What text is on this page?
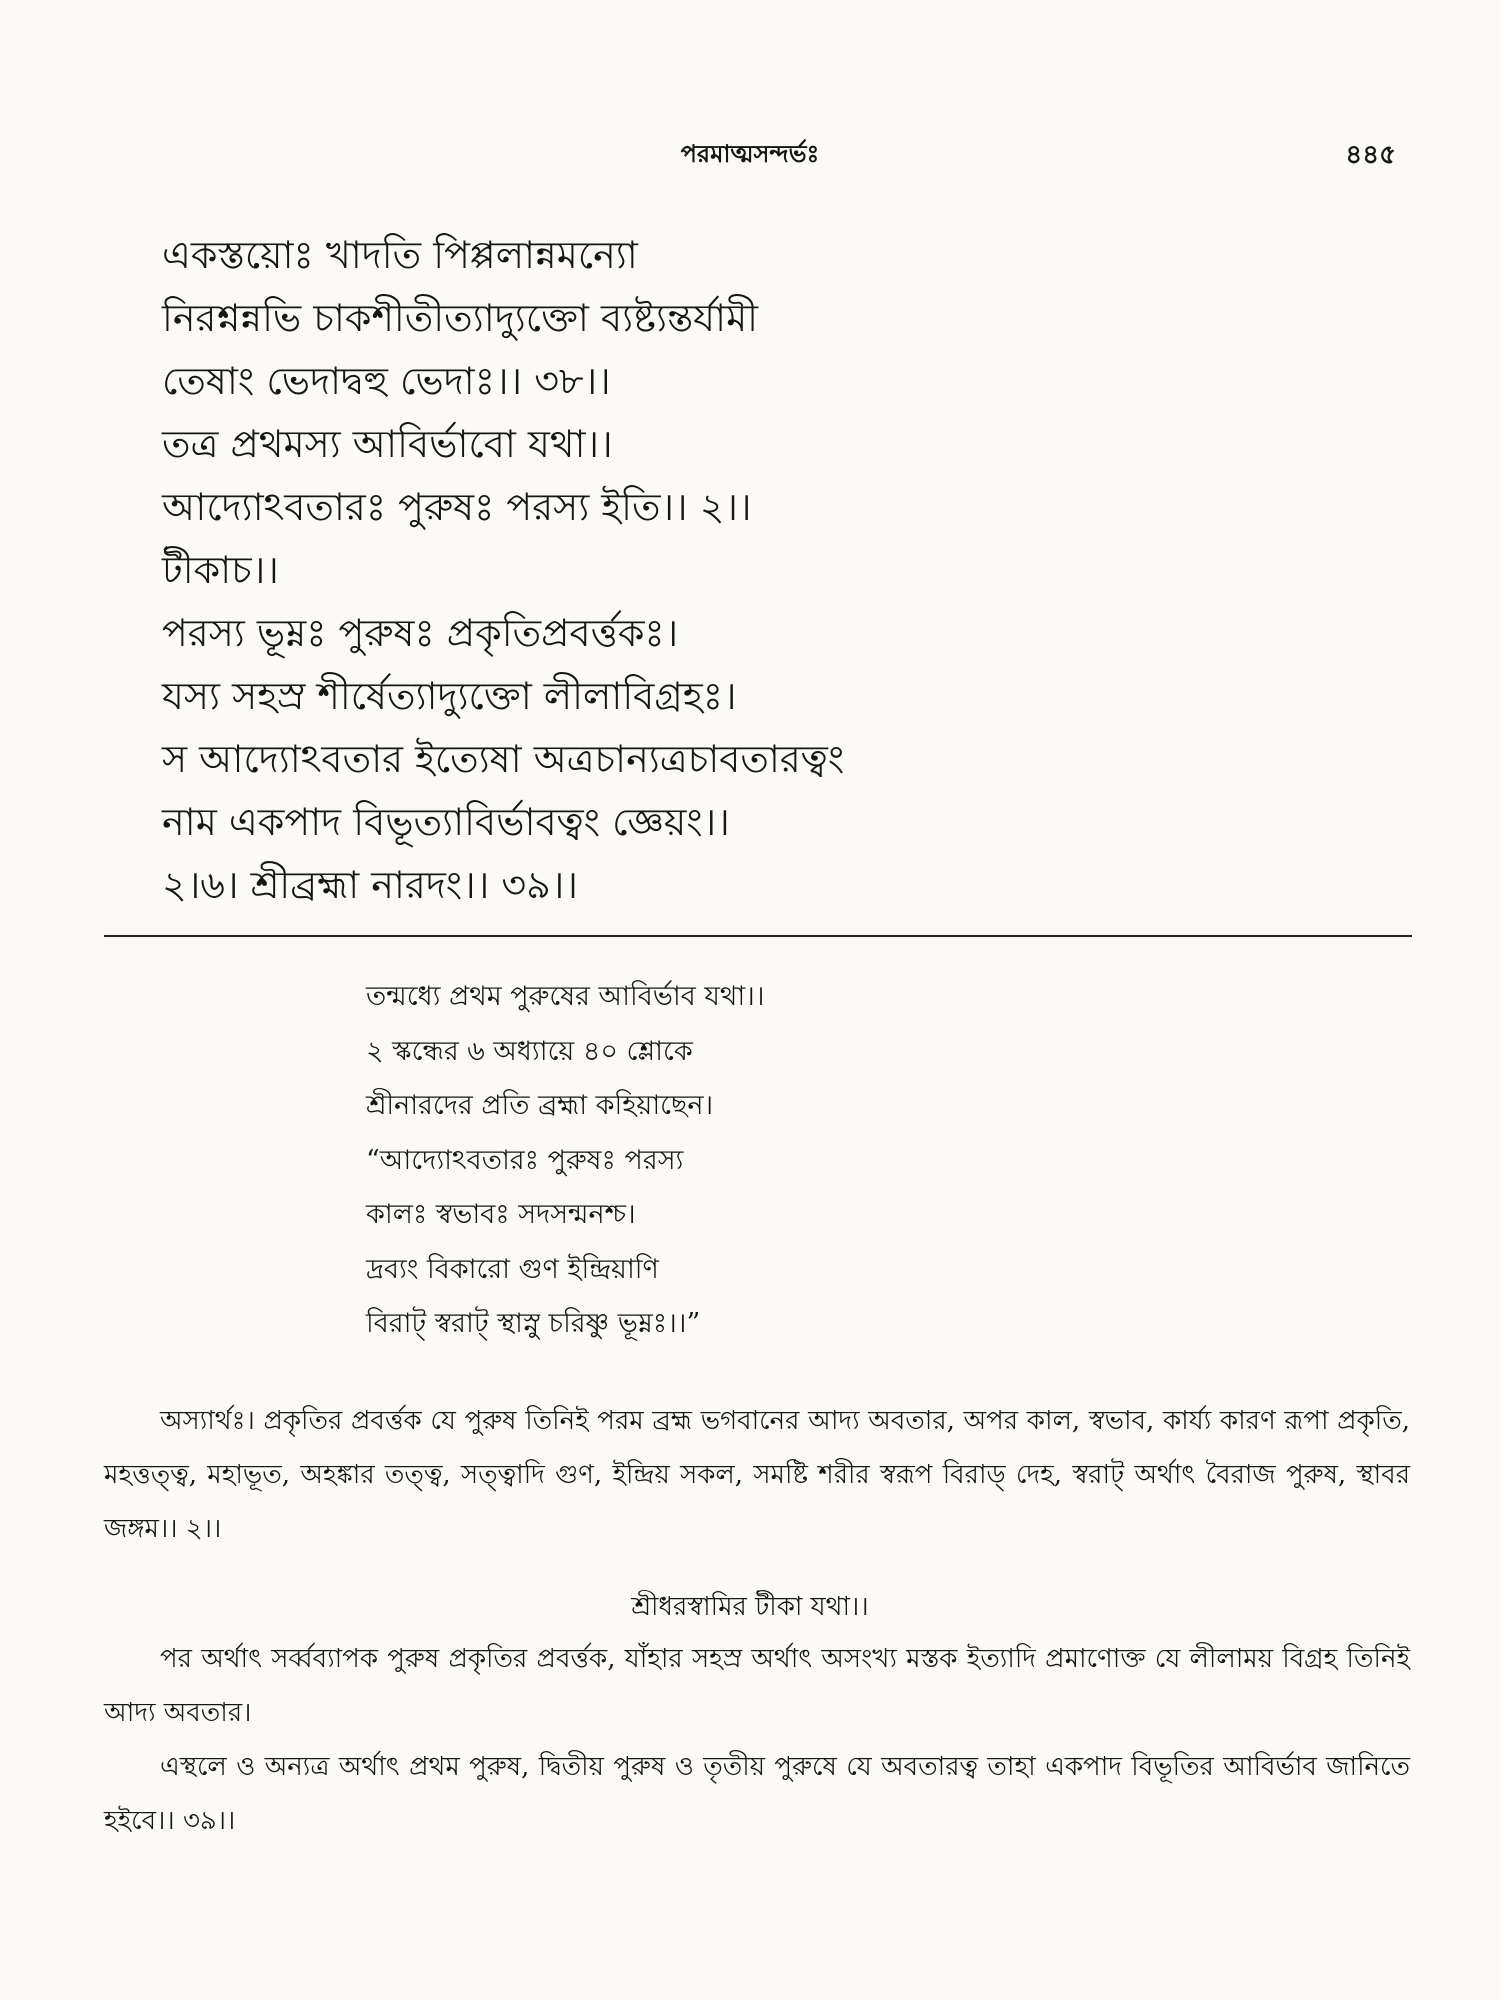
পরমাত্মসন্দর্ভঃ	৪৪৫
একস্তয়োঃ খাদতি পিপ্পলান্নমন্যো
নিরশ্নন্নভি চাকশীতীত্যাদ্যুক্তো ব্যষ্ট্যন্তর্যামী
তেষাং ভেদাদ্বহু ভেদাঃ।। ৩৮।।
তত্র প্রথমস্য আবির্ভাবো যথা।।
আদ্যোঽবতারঃ পুরুষঃ পরস্য ইতি।। ২।।
টীকাচ।।
পরস্য ভূম্নঃ পুরুষঃ প্রকৃতিপ্রবর্ত্তকঃ।
যস্য সহস্র শীর্ষেত্যাদ্যুক্তো লীলাবিগ্রহঃ।
স আদ্যোঽবতার ইত্যেষা অত্রচান্যত্রচাবতারত্বং
নাম একপাদ বিভূত্যাবির্ভাবত্বং জ্ঞেয়ং।।
২।৬। শ্রীব্রহ্মা নারদং।। ৩৯।।
তন্মধ্যে প্রথম পুরুষের আবির্ভাব যথা।।
২ স্কন্ধের ৬ অধ্যায়ে ৪০ শ্লোকে
শ্রীনারদের প্রতি ব্রহ্মা কহিয়াছেন।
“আদ্যোঽবতারঃ পুরুষঃ পরস্য
কালঃ স্বভাবঃ সদসন্মনশ্চ।
দ্রব্যং বিকারো গুণ ইন্দ্রিয়াণি
বিরাট্‌ স্বরাট্‌ স্থাস্নু চরিষ্ণু ভূম্নঃ।।”
অস্যার্থঃ। প্রকৃতির প্রবর্ত্তক যে পুরুষ তিনিই পরম ব্রহ্ম ভগবানের আদ্য অবতার, অপর কাল, স্বভাব, কার্য্য কারণ রূপা প্রকৃতি, মহত্তত্ত্ব, মহাভূত, অহঙ্কার তত্ত্ব, সত্ত্বাদি গুণ, ইন্দ্রিয় সকল, সমষ্টি শরীর স্বরূপ বিরাড্‌ দেহ, স্বরাট্‌ অর্থাৎ বৈরাজ পুরুষ, স্থাবর জঙ্গম।। ২।।
শ্রীধরস্বামির টীকা যথা।।
পর অর্থাৎ সর্ব্বব্যাপক পুরুষ প্রকৃতির প্রবর্ত্তক, যাঁহার সহস্র অর্থাৎ অসংখ্য মস্তক ইত্যাদি প্রমাণোক্ত যে লীলাময় বিগ্রহ তিনিই আদ্য অবতার।
এস্থলে ও অন্যত্র অর্থাৎ প্রথম পুরুষ, দ্বিতীয় পুরুষ ও তৃতীয় পুরুষে যে অবতারত্ব তাহা একপাদ বিভূতির আবির্ভাব জানিতে হইবে।। ৩৯।।
